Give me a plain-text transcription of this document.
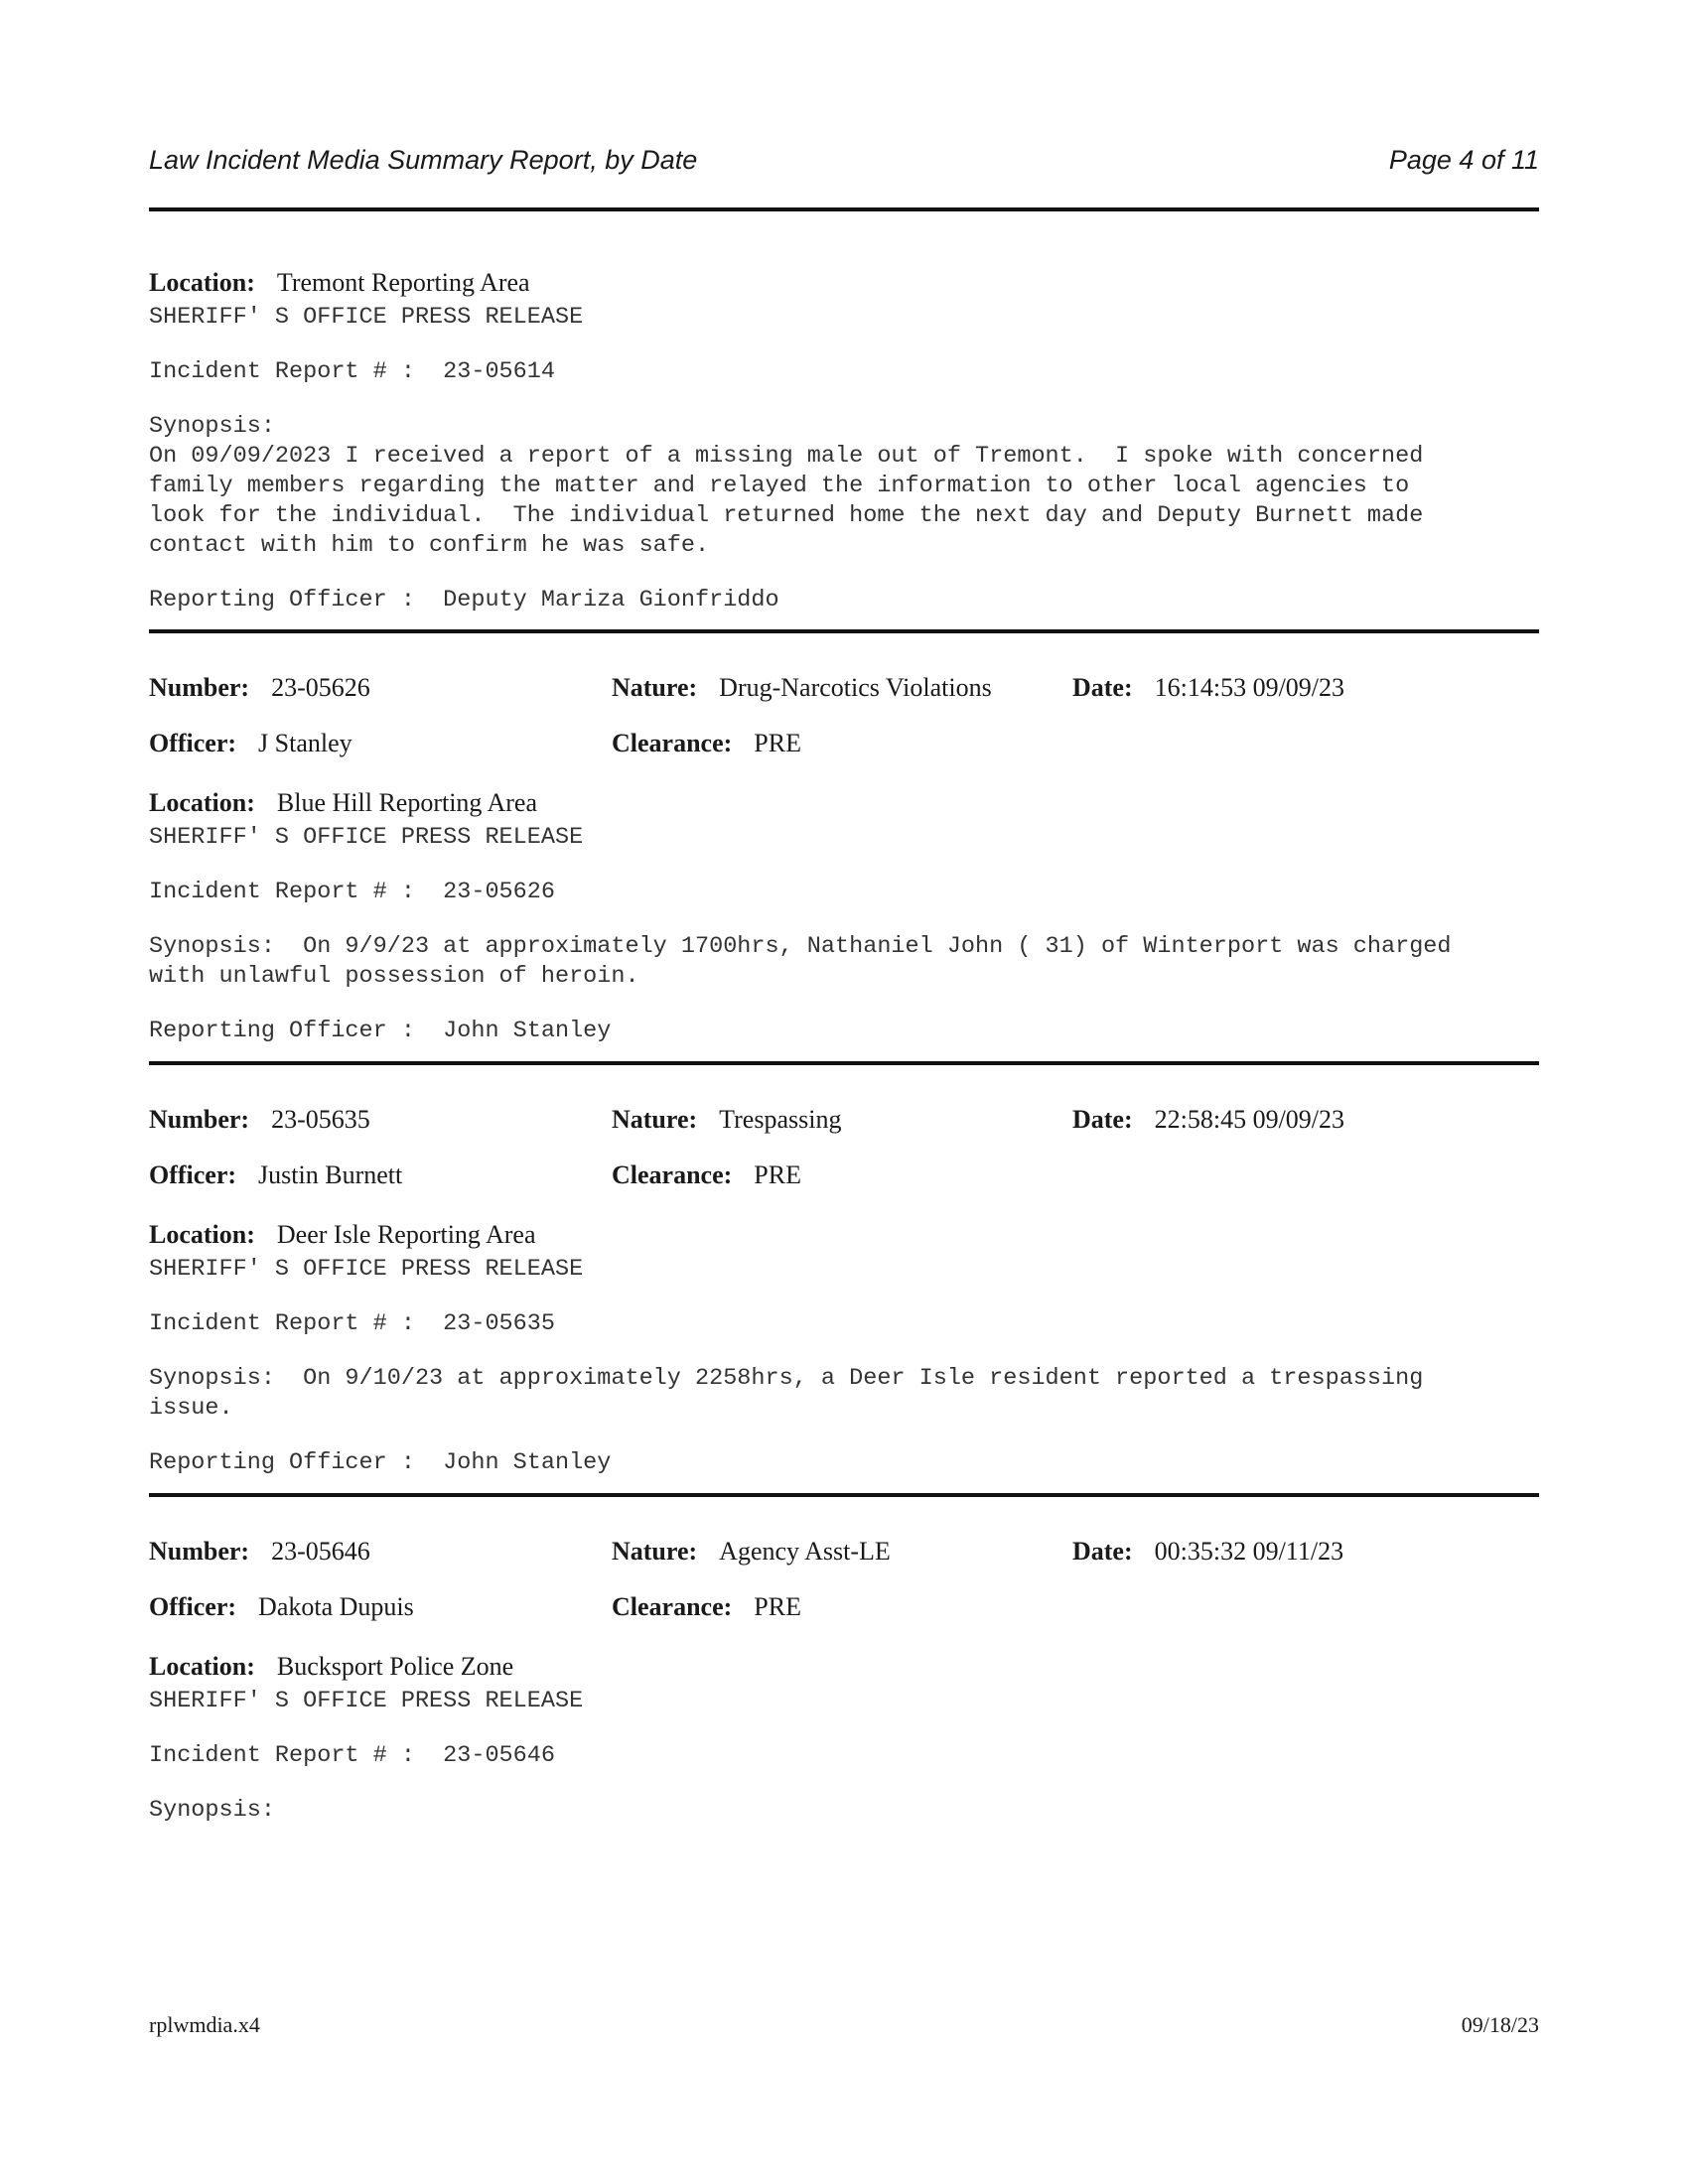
Law Incident Media Summary Report, by Date	Page 4 of 11
Location: Tremont Reporting Area
SHERIFF' S OFFICE PRESS RELEASE
Incident Report # :  23-05614
Synopsis:
On 09/09/2023 I received a report of a missing male out of Tremont.  I spoke with concerned
family members regarding the matter and relayed the information to other local agencies to
look for the individual.  The individual returned home the next day and Deputy Burnett made
contact with him to confirm he was safe.
Reporting Officer :  Deputy Mariza Gionfriddo
Number: 23-05626	Nature: Drug-Narcotics Violations	Date: 16:14:53 09/09/23
Officer: J Stanley	Clearance: PRE
Location: Blue Hill Reporting Area
SHERIFF' S OFFICE PRESS RELEASE
Incident Report # :  23-05626
Synopsis:  On 9/9/23 at approximately 1700hrs, Nathaniel John ( 31) of Winterport was charged
with unlawful possession of heroin.
Reporting Officer :  John Stanley
Number: 23-05635	Nature: Trespassing	Date: 22:58:45 09/09/23
Officer: Justin Burnett	Clearance: PRE
Location: Deer Isle Reporting Area
SHERIFF' S OFFICE PRESS RELEASE
Incident Report # :  23-05635
Synopsis:  On 9/10/23 at approximately 2258hrs, a Deer Isle resident reported a trespassing
issue.
Reporting Officer :  John Stanley
Number: 23-05646	Nature: Agency Asst-LE	Date: 00:35:32 09/11/23
Officer: Dakota Dupuis	Clearance: PRE
Location: Bucksport Police Zone
SHERIFF' S OFFICE PRESS RELEASE
Incident Report # :  23-05646
Synopsis:
rplwmdia.x4	09/18/23
